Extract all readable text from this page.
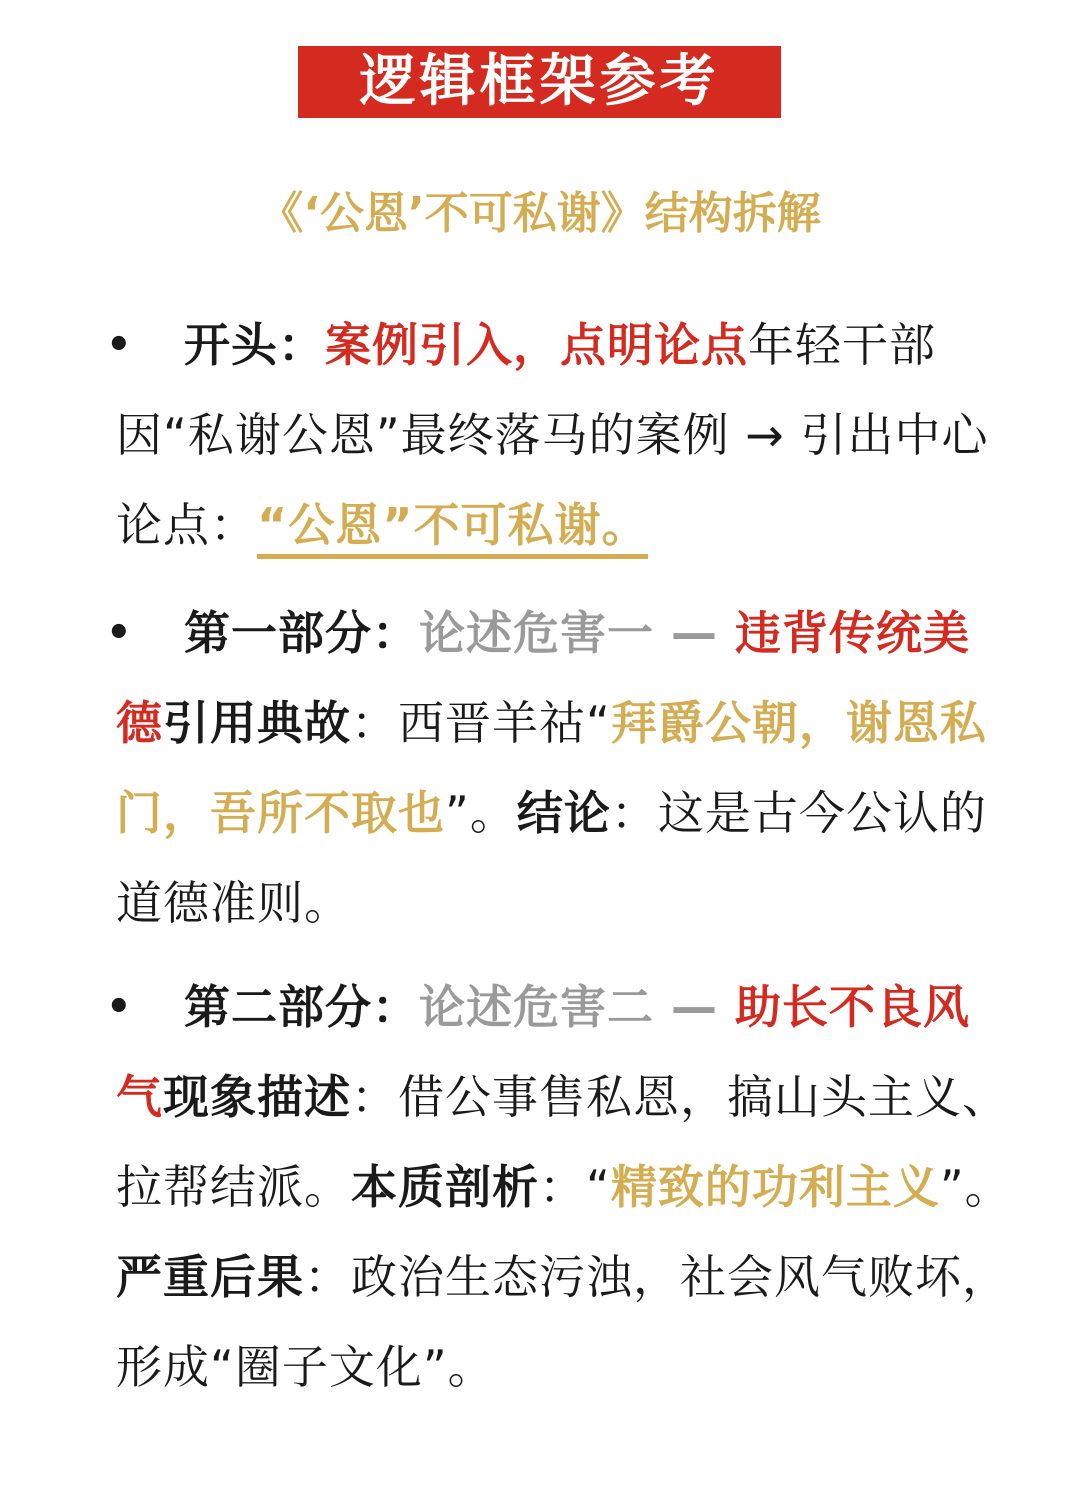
逻辑框架参考
《‘公恩’不可私谢》结构拆解
• 开头：案例引入，点明论点年轻干部因“私谢公恩”最终落马的案例 → 引出中心论点：“公恩”不可私谢。
• 第一部分：论述危害一 — 违背传统美德引用典故：西晋羊祜“拜爵公朝，谢恩私门，吾所不取也”。结论：这是古今公认的道德准则。
• 第二部分：论述危害二 — 助长不良风气现象描述：借公事售私恩，搞山头主义、拉帮结派。本质剖析：“精致的功利主义”。严重后果：政治生态污浊，社会风气败坏，形成“圈子文化”。
